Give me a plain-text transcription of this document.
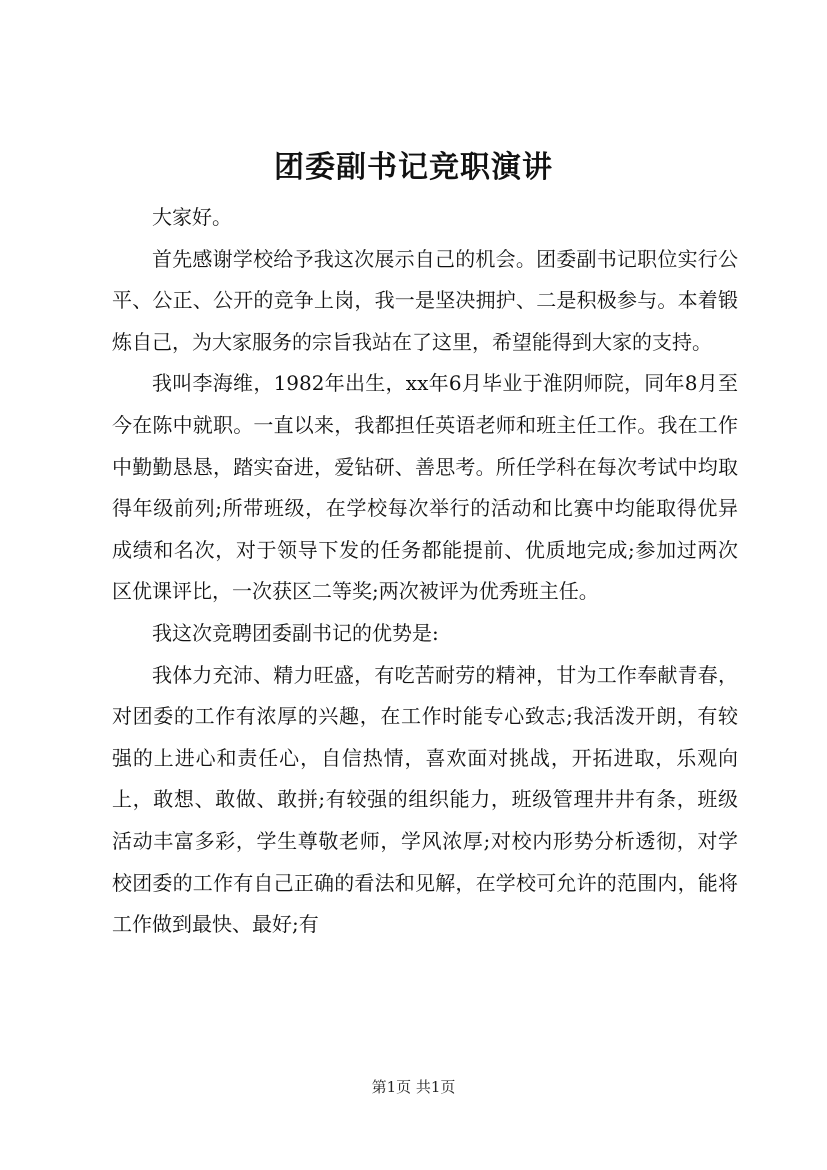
团委副书记竞职演讲

大家好。

首先感谢学校给予我这次展示自己的机会。团委副书记职位实行公平、公正、公开的竞争上岗，我一是坚决拥护、二是积极参与。本着锻炼自己，为大家服务的宗旨我站在了这里，希望能得到大家的支持。

我叫李海维，1982年出生，xx年6月毕业于淮阴师院，同年8月至今在陈中就职。一直以来，我都担任英语老师和班主任工作。我在工作中勤勤恳恳，踏实奋进，爱钻研、善思考。所任学科在每次考试中均取得年级前列;所带班级，在学校每次举行的活动和比赛中均能取得优异成绩和名次，对于领导下发的任务都能提前、优质地完成;参加过两次区优课评比，一次获区二等奖;两次被评为优秀班主任。

我这次竞聘团委副书记的优势是:

我体力充沛、精力旺盛，有吃苦耐劳的精神，甘为工作奉献青春，对团委的工作有浓厚的兴趣，在工作时能专心致志;我活泼开朗，有较强的上进心和责任心，自信热情，喜欢面对挑战，开拓进取，乐观向上，敢想、敢做、敢拼;有较强的组织能力，班级管理井井有条，班级活动丰富多彩，学生尊敬老师，学风浓厚;对校内形势分析透彻，对学校团委的工作有自己正确的看法和见解，在学校可允许的范围内，能将工作做到最快、最好;有

第1页 共1页
